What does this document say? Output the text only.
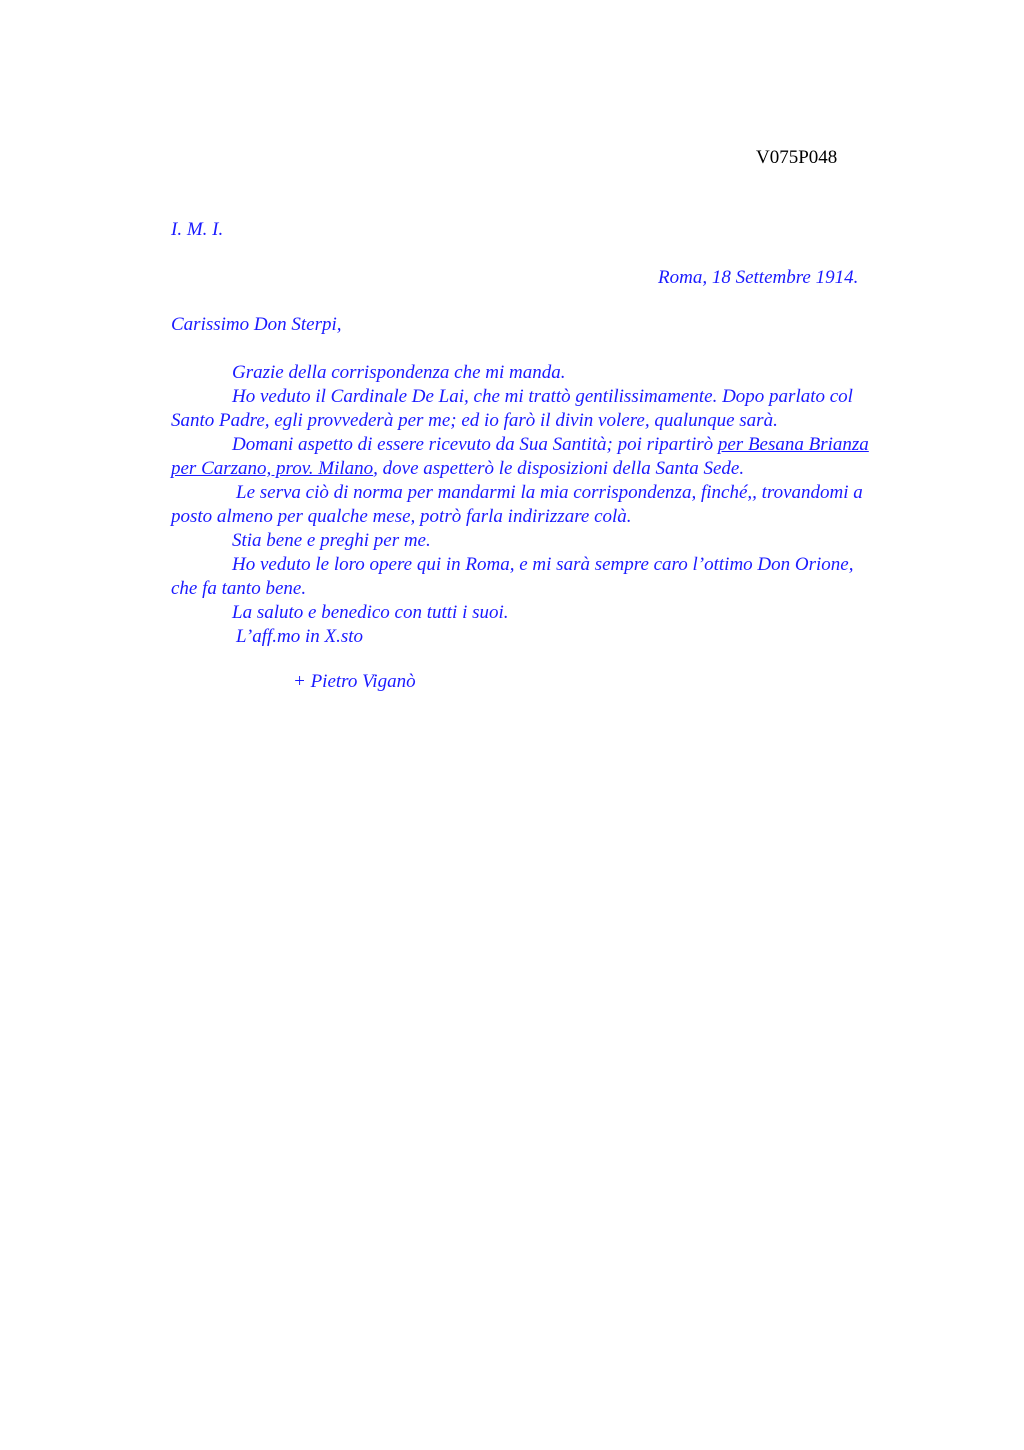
V075P048
I. M. I.
Roma, 18 Settembre 1914.
Carissimo Don Sterpi,

Grazie della corrispondenza che mi manda.

Ho veduto il Cardinale De Lai, che mi trattò gentilissimamente. Dopo parlato col

Santo Padre, egli provvederà per me; ed io farò il divin volere, qualunque sarà.

Domani aspetto di essere ricevuto da Sua Santità; poi ripartirò per Besana Brianza

per Carzano, prov. Milano, dove aspetterò le disposizioni della Santa Sede.

Le serva ciò di norma per mandarmi la mia corrispondenza, finché,, trovandomi a

posto almeno per qualche mese, potrò farla indirizzare colà.

Stia bene e preghi per me.

Ho veduto le loro opere qui in Roma, e mi sarà sempre caro l’ottimo Don Orione,

che fa tanto bene.

La saluto e benedico con tutti i suoi.

L’aff.mo in X.sto

+ Pietro Viganò
